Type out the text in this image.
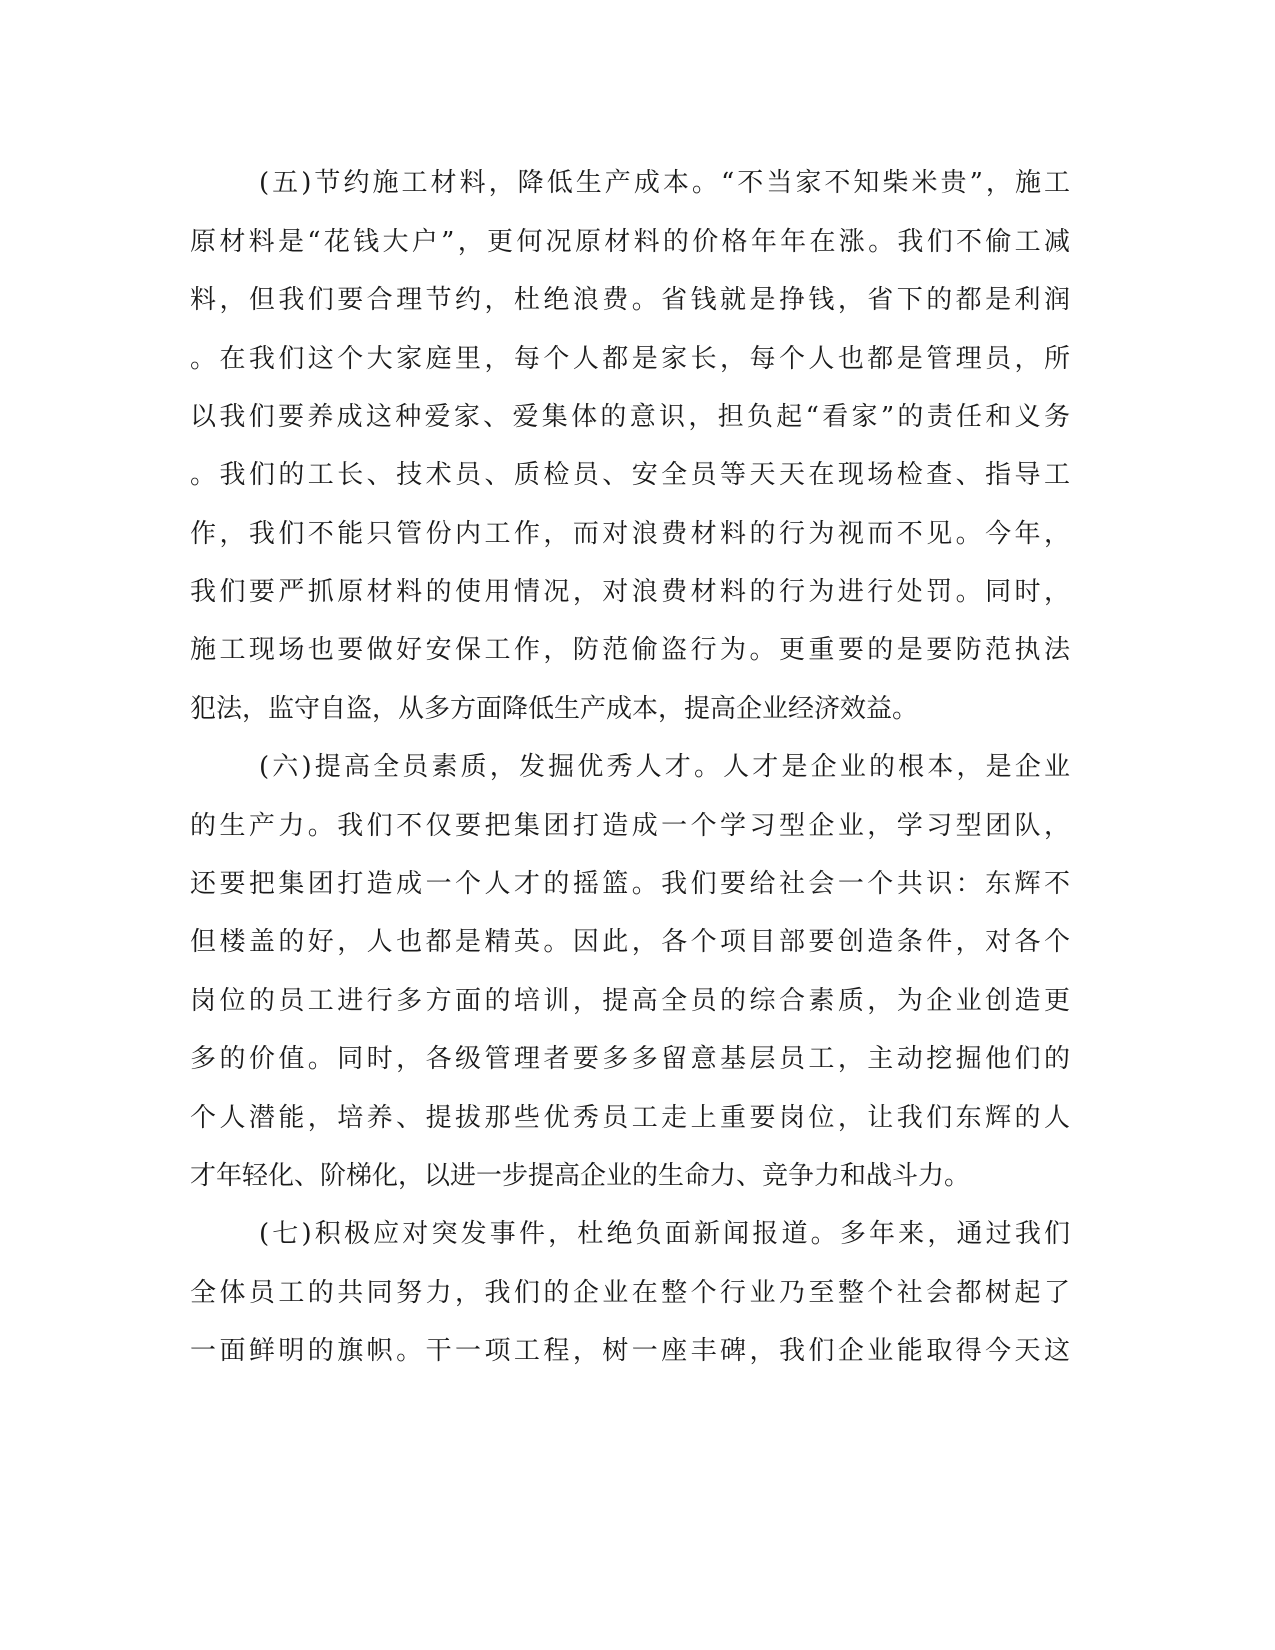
(五)节约施工材料，降低生产成本。“不当家不知柴米贵”，施工

原材料是“花钱大户”，更何况原材料的价格年年在涨。我们不偷工减

料，但我们要合理节约，杜绝浪费。省钱就是挣钱，省下的都是利润

。在我们这个大家庭里，每个人都是家长，每个人也都是管理员，所

以我们要养成这种爱家、爱集体的意识，担负起“看家”的责任和义务

。我们的工长、技术员、质检员、安全员等天天在现场检查、指导工

作，我们不能只管份内工作，而对浪费材料的行为视而不见。今年，

我们要严抓原材料的使用情况，对浪费材料的行为进行处罚。同时，

施工现场也要做好安保工作，防范偷盗行为。更重要的是要防范执法

犯法，监守自盗，从多方面降低生产成本，提高企业经济效益。

(六)提高全员素质，发掘优秀人才。人才是企业的根本，是企业

的生产力。我们不仅要把集团打造成一个学习型企业，学习型团队，

还要把集团打造成一个人才的摇篮。我们要给社会一个共识：东辉不

但楼盖的好，人也都是精英。因此，各个项目部要创造条件，对各个

岗位的员工进行多方面的培训，提高全员的综合素质，为企业创造更

多的价值。同时，各级管理者要多多留意基层员工，主动挖掘他们的

个人潜能，培养、提拔那些优秀员工走上重要岗位，让我们东辉的人

才年轻化、阶梯化，以进一步提高企业的生命力、竞争力和战斗力。

(七)积极应对突发事件，杜绝负面新闻报道。多年来，通过我们

全体员工的共同努力，我们的企业在整个行业乃至整个社会都树起了

一面鲜明的旗帜。干一项工程，树一座丰碑，我们企业能取得今天这
